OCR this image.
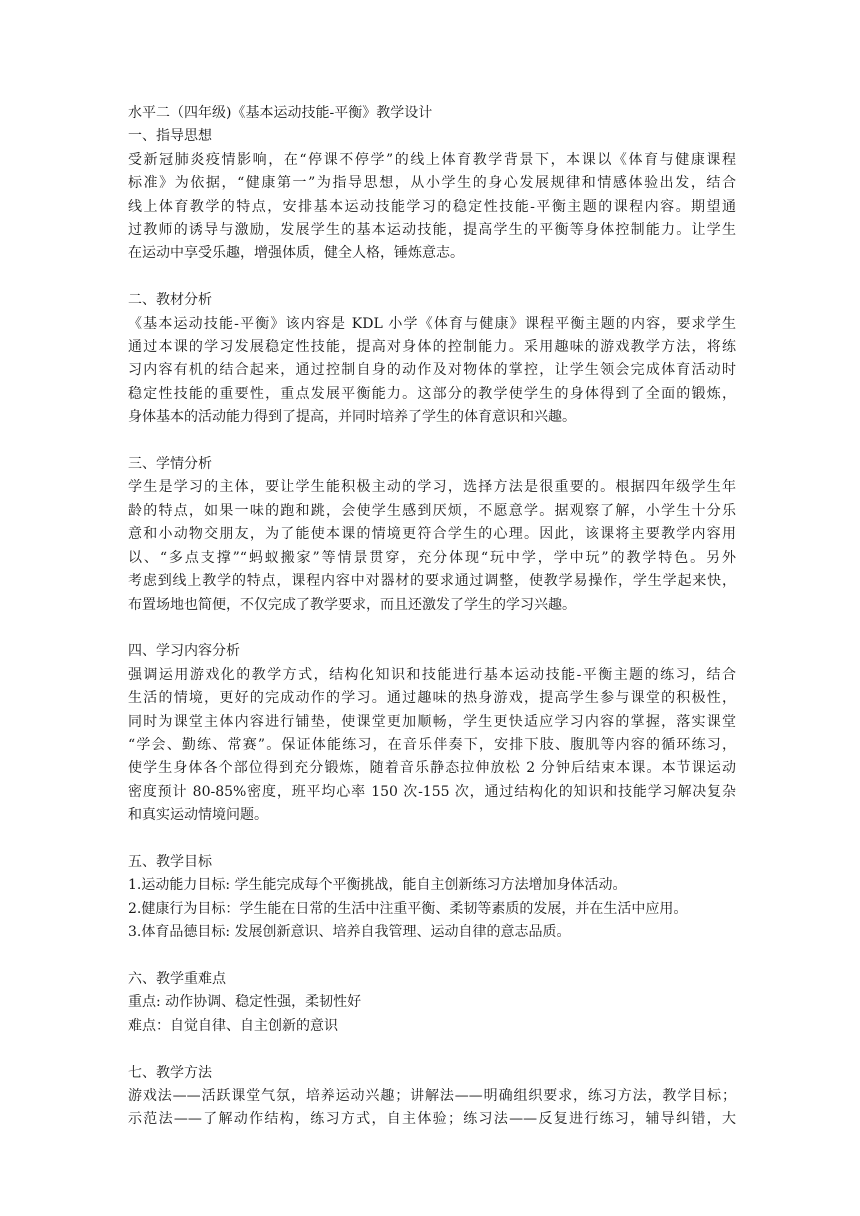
水平二（四年级)《基本运动技能-平衡》教学设计
一、指导思想
受新冠肺炎疫情影响，在“停课不停学”的线上体育教学背景下，本课以《体育与健康课程
标准》为依据，“健康第一”为指导思想，从小学生的身心发展规律和情感体验出发，结合
线上体育教学的特点，安排基本运动技能学习的稳定性技能-平衡主题的课程内容。期望通
过教师的诱导与激励，发展学生的基本运动技能，提高学生的平衡等身体控制能力。让学生
在运动中享受乐趣，增强体质，健全人格，锤炼意志。
二、教材分析
《基本运动技能-平衡》该内容是 KDL 小学《体育与健康》课程平衡主题的内容，要求学生
通过本课的学习发展稳定性技能，提高对身体的控制能力。采用趣味的游戏教学方法，将练
习内容有机的结合起来，通过控制自身的动作及对物体的掌控，让学生领会完成体育活动时
稳定性技能的重要性，重点发展平衡能力。这部分的教学使学生的身体得到了全面的锻炼，
身体基本的活动能力得到了提高，并同时培养了学生的体育意识和兴趣。
三、学情分析
学生是学习的主体，要让学生能积极主动的学习，选择方法是很重要的。根据四年级学生年
龄的特点，如果一味的跑和跳，会使学生感到厌烦，不愿意学。据观察了解，小学生十分乐
意和小动物交朋友，为了能使本课的情境更符合学生的心理。因此，该课将主要教学内容用
以、“多点支撑”“蚂蚁搬家”等情景贯穿，充分体现“玩中学，学中玩”的教学特色。另外
考虑到线上教学的特点，课程内容中对器材的要求通过调整，使教学易操作，学生学起来快，
布置场地也简便，不仅完成了教学要求，而且还激发了学生的学习兴趣。
四、学习内容分析
强调运用游戏化的教学方式，结构化知识和技能进行基本运动技能-平衡主题的练习，结合
生活的情境，更好的完成动作的学习。通过趣味的热身游戏，提高学生参与课堂的积极性，
同时为课堂主体内容进行铺垫，使课堂更加顺畅，学生更快适应学习内容的掌握，落实课堂
“学会、勤练、常赛”。保证体能练习，在音乐伴奏下，安排下肢、腹肌等内容的循环练习，
使学生身体各个部位得到充分锻炼，随着音乐静态拉伸放松 2 分钟后结束本课。本节课运动
密度预计 80-85%密度，班平均心率 150 次-155 次，通过结构化的知识和技能学习解决复杂
和真实运动情境问题。
五、教学目标
1.运动能力目标: 学生能完成每个平衡挑战，能自主创新练习方法增加身体活动。
2.健康行为目标：学生能在日常的生活中注重平衡、柔韧等素质的发展，并在生活中应用。
3.体育品德目标: 发展创新意识、培养自我管理、运动自律的意志品质。
六、教学重难点
重点: 动作协调、稳定性强，柔韧性好
难点：自觉自律、自主创新的意识
七、教学方法
游戏法——活跃课堂气氛，培养运动兴趣；讲解法——明确组织要求，练习方法，教学目标；
示范法——了解动作结构，练习方式，自主体验；练习法——反复进行练习，辅导纠错，大
